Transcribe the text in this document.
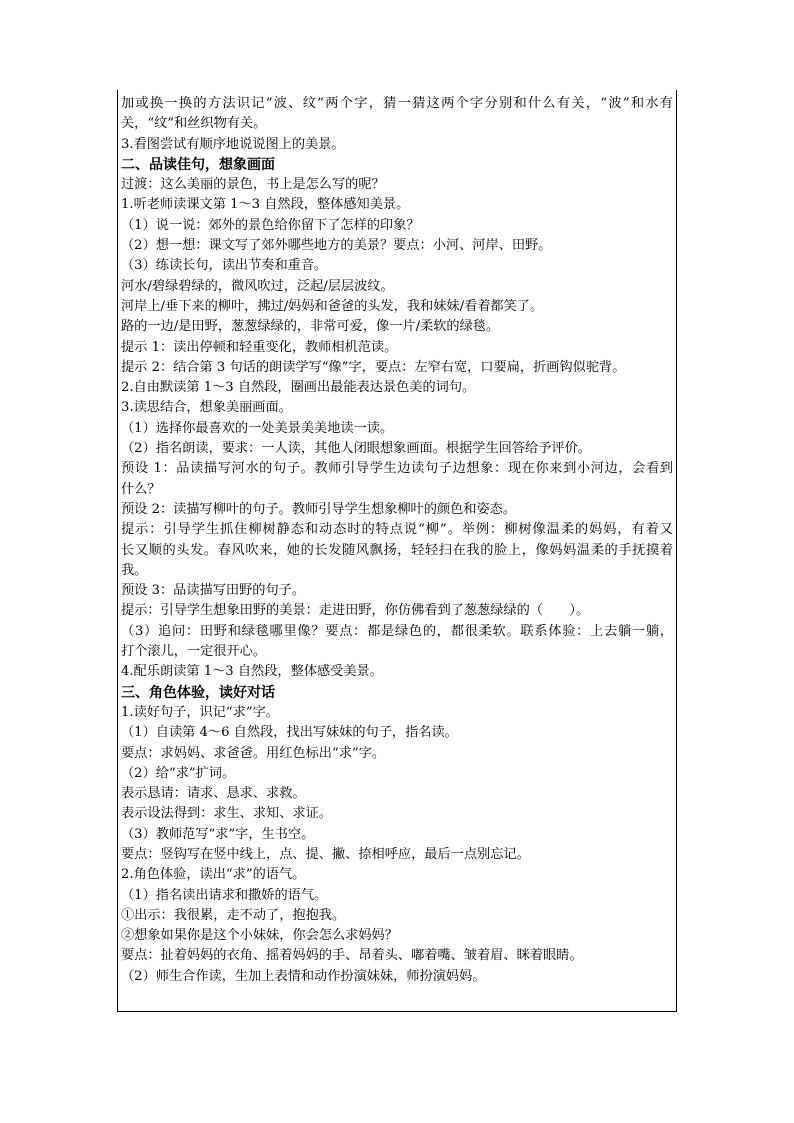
加或换一换的方法识记“波、纹”两个字，猜一猜这两个字分别和什么有关，“波”和水有
关，“纹”和丝织物有关。
3.看图尝试有顺序地说说图上的美景。
二、品读佳句，想象画面
过渡：这么美丽的景色，书上是怎么写的呢？
1.听老师读课文第 1～3 自然段，整体感知美景。
（1）说一说：郊外的景色给你留下了怎样的印象？
（2）想一想：课文写了郊外哪些地方的美景？要点：小河、河岸、田野。
（3）练读长句，读出节奏和重音。
河水/碧绿碧绿的，微风吹过，泛起/层层波纹。
河岸上/垂下来的柳叶，拂过/妈妈和爸爸的头发，我和妹妹/看着都笑了。
路的一边/是田野，葱葱绿绿的，非常可爱，像一片/柔软的绿毯。
提示 1：读出停顿和轻重变化，教师相机范读。
提示 2：结合第 3 句话的朗读学写“像”字，要点：左窄右宽，口要扁，折画钩似驼背。
2.自由默读第 1～3 自然段，圈画出最能表达景色美的词句。
3.读思结合，想象美丽画面。
（1）选择你最喜欢的一处美景美美地读一读。
（2）指名朗读，要求：一人读，其他人闭眼想象画面。根据学生回答给予评价。
预设 1：品读描写河水的句子。教师引导学生边读句子边想象：现在你来到小河边，会看到
什么？
预设 2：读描写柳叶的句子。教师引导学生想象柳叶的颜色和姿态。
提示：引导学生抓住柳树静态和动态时的特点说“柳”。举例：柳树像温柔的妈妈，有着又
长又顺的头发。春风吹来，她的长发随风飘扬，轻轻扫在我的脸上，像妈妈温柔的手抚摸着
我。
预设 3：品读描写田野的句子。
提示：引导学生想象田野的美景：走进田野，你仿佛看到了葱葱绿绿的（　　）。
（3）追问：田野和绿毯哪里像？要点：都是绿色的，都很柔软。联系体验：上去躺一躺，
打个滚儿，一定很开心。
4.配乐朗读第 1～3 自然段，整体感受美景。
三、角色体验，读好对话
1.读好句子，识记“求”字。
（1）自读第 4～6 自然段，找出写妹妹的句子，指名读。
要点：求妈妈、求爸爸。用红色标出“求”字。
（2）给“求”扩词。
表示恳请：请求、恳求、求救。
表示设法得到：求生、求知、求证。
（3）教师范写“求”字，生书空。
要点：竖钩写在竖中线上，点、提、撇、捺相呼应，最后一点别忘记。
2.角色体验，读出“求”的语气。
（1）指名读出请求和撒娇的语气。
①出示：我很累，走不动了，抱抱我。
②想象如果你是这个小妹妹，你会怎么求妈妈？
要点：扯着妈妈的衣角、摇着妈妈的手、昂着头、嘟着嘴、皱着眉、眯着眼睛。
（2）师生合作读，生加上表情和动作扮演妹妹，师扮演妈妈。
